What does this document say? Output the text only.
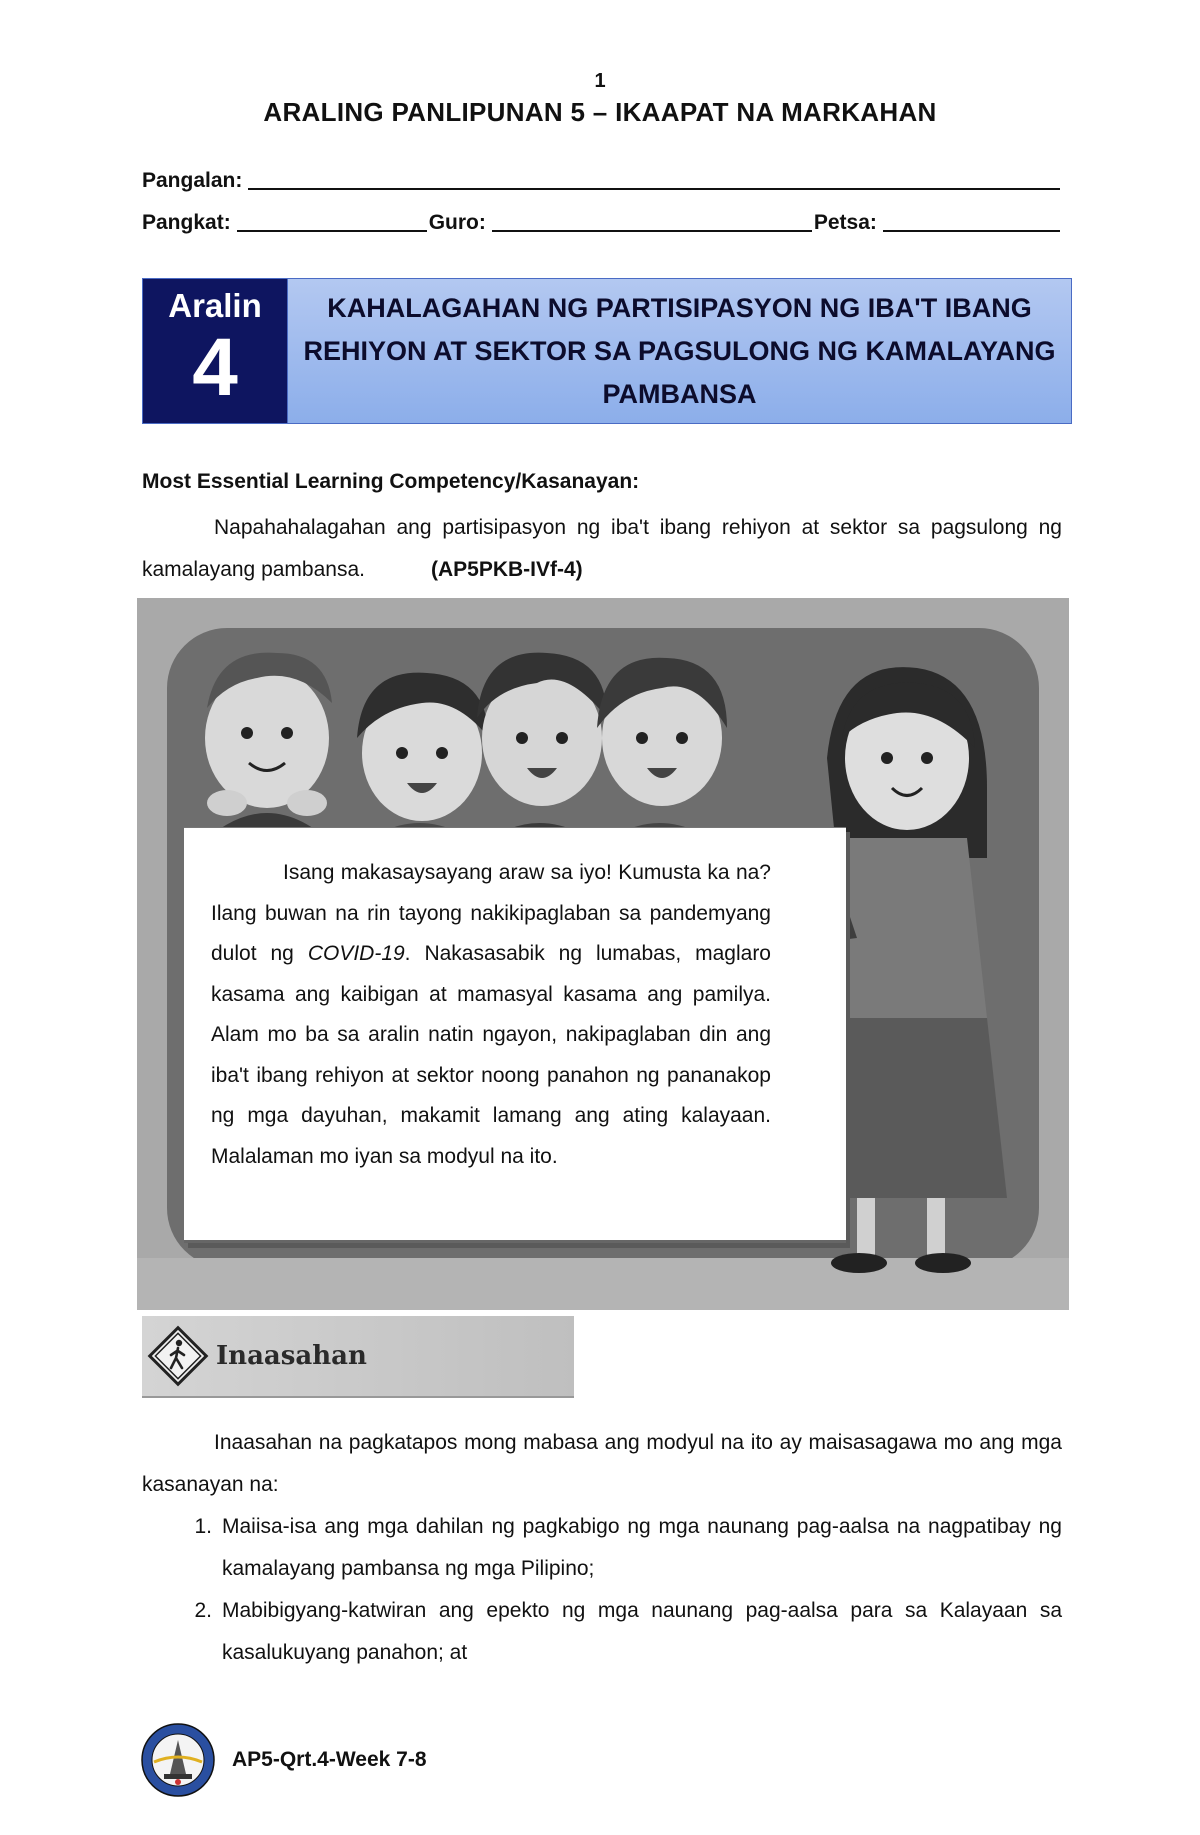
1
ARALING PANLIPUNAN 5 – IKAAPAT NA MARKAHAN
Pangalan:
Pangkat:	Guro:	Petsa:
Aralin
4
KAHALAGAHAN NG PARTISIPASYON NG IBA'T IBANG REHIYON AT SEKTOR SA PAGSULONG NG KAMALAYANG PAMBANSA
Most Essential Learning Competency/Kasanayan:
Napahahalagahan ang partisipasyon ng iba't ibang rehiyon at sektor sa pagsulong ng kamalayang pambansa.	(AP5PKB-IVf-4)
Isang makasaysayang araw sa iyo! Kumusta ka na? Ilang buwan na rin tayong nakikipaglaban sa pandemyang dulot ng COVID-19. Nakasasabik ng lumabas, maglaro kasama ang kaibigan at mamasyal kasama ang pamilya. Alam mo ba sa aralin natin ngayon, nakipaglaban din ang iba't ibang rehiyon at sektor noong panahon ng pananakop ng mga dayuhan, makamit lamang ang ating kalayaan. Malalaman mo iyan sa modyul na ito.
Inaasahan
Inaasahan na pagkatapos mong mabasa ang modyul na ito ay maisasagawa mo ang mga kasanayan na:
1. Maiisa-isa ang mga dahilan ng pagkabigo ng mga naunang pag-aalsa na nagpatibay ng kamalayang pambansa ng mga Pilipino;
2. Mabibigyang-katwiran ang epekto ng mga naunang pag-aalsa para sa Kalayaan sa kasalukuyang panahon; at
AP5-Qrt.4-Week 7-8
